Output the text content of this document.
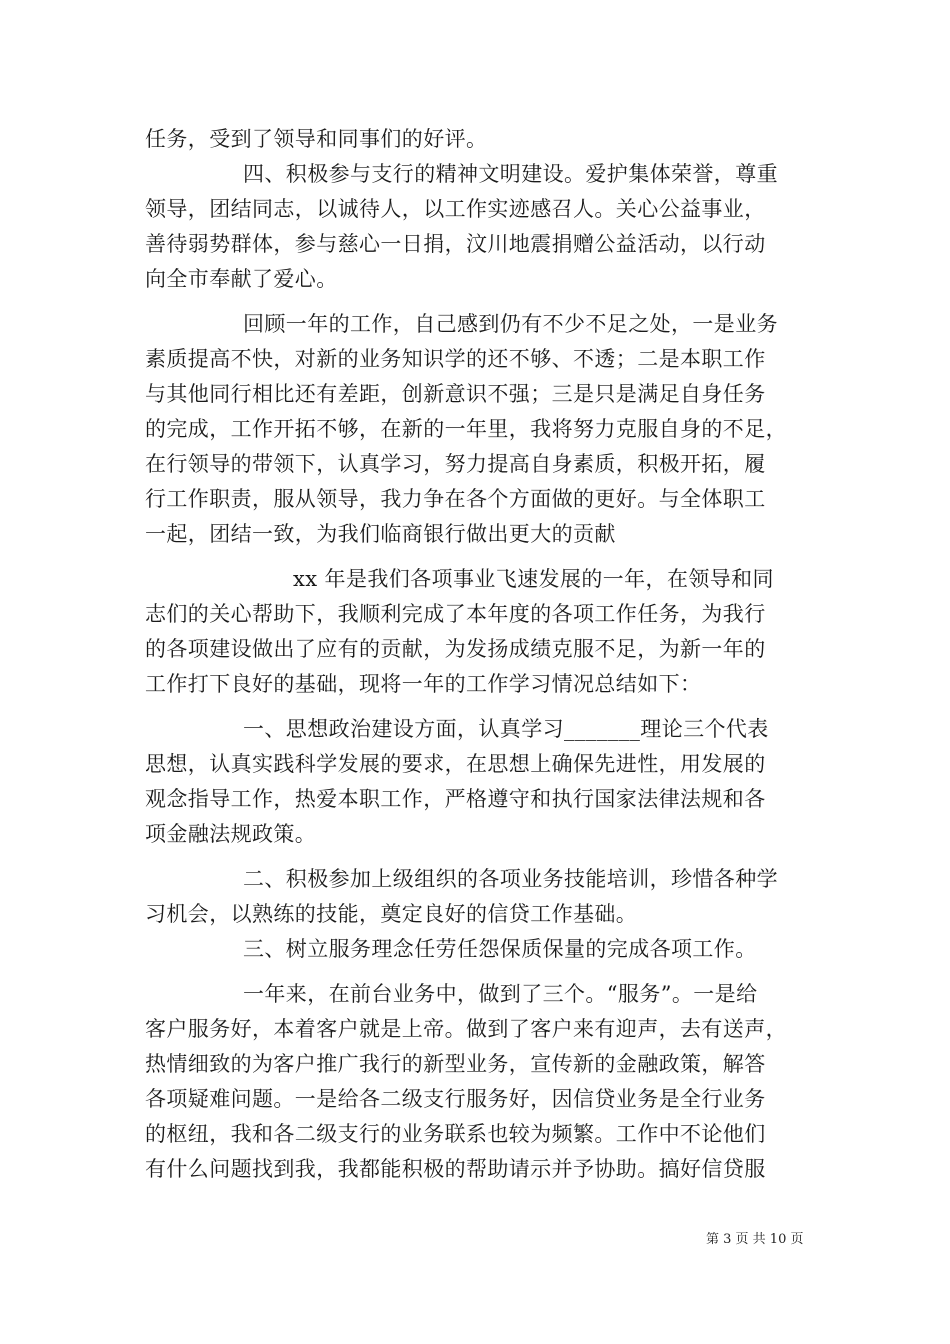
任务，受到了领导和同事们的好评。
四、积极参与支行的精神文明建设。爱护集体荣誉，尊重
领导，团结同志，以诚待人，以工作实迹感召人。关心公益事业，
善待弱势群体，参与慈心一日捐，汶川地震捐赠公益活动，以行动
向全市奉献了爱心。
回顾一年的工作，自己感到仍有不少不足之处，一是业务
素质提高不快，对新的业务知识学的还不够、不透；二是本职工作
与其他同行相比还有差距，创新意识不强；三是只是满足自身任务
的完成，工作开拓不够，在新的一年里，我将努力克服自身的不足，
在行领导的带领下，认真学习，努力提高自身素质，积极开拓，履
行工作职责，服从领导，我力争在各个方面做的更好。与全体职工
一起，团结一致，为我们临商银行做出更大的贡献
xx 年是我们各项事业飞速发展的一年，在领导和同
志们的关心帮助下，我顺利完成了本年度的各项工作任务，为我行
的各项建设做出了应有的贡献，为发扬成绩克服不足，为新一年的
工作打下良好的基础，现将一年的工作学习情况总结如下：
一、思想政治建设方面，认真学习_______理论三个代表
思想，认真实践科学发展的要求，在思想上确保先进性，用发展的
观念指导工作，热爱本职工作，严格遵守和执行国家法律法规和各
项金融法规政策。
二、积极参加上级组织的各项业务技能培训，珍惜各种学
习机会，以熟练的技能，奠定良好的信贷工作基础。
三、树立服务理念任劳任怨保质保量的完成各项工作。
一年来，在前台业务中，做到了三个。“服务”。一是给
客户服务好，本着客户就是上帝。做到了客户来有迎声，去有送声，
热情细致的为客户推广我行的新型业务，宣传新的金融政策，解答
各项疑难问题。一是给各二级支行服务好，因信贷业务是全行业务
的枢纽，我和各二级支行的业务联系也较为频繁。工作中不论他们
有什么问题找到我，我都能积极的帮助请示并予协助。搞好信贷服
第 3 页 共 10 页
